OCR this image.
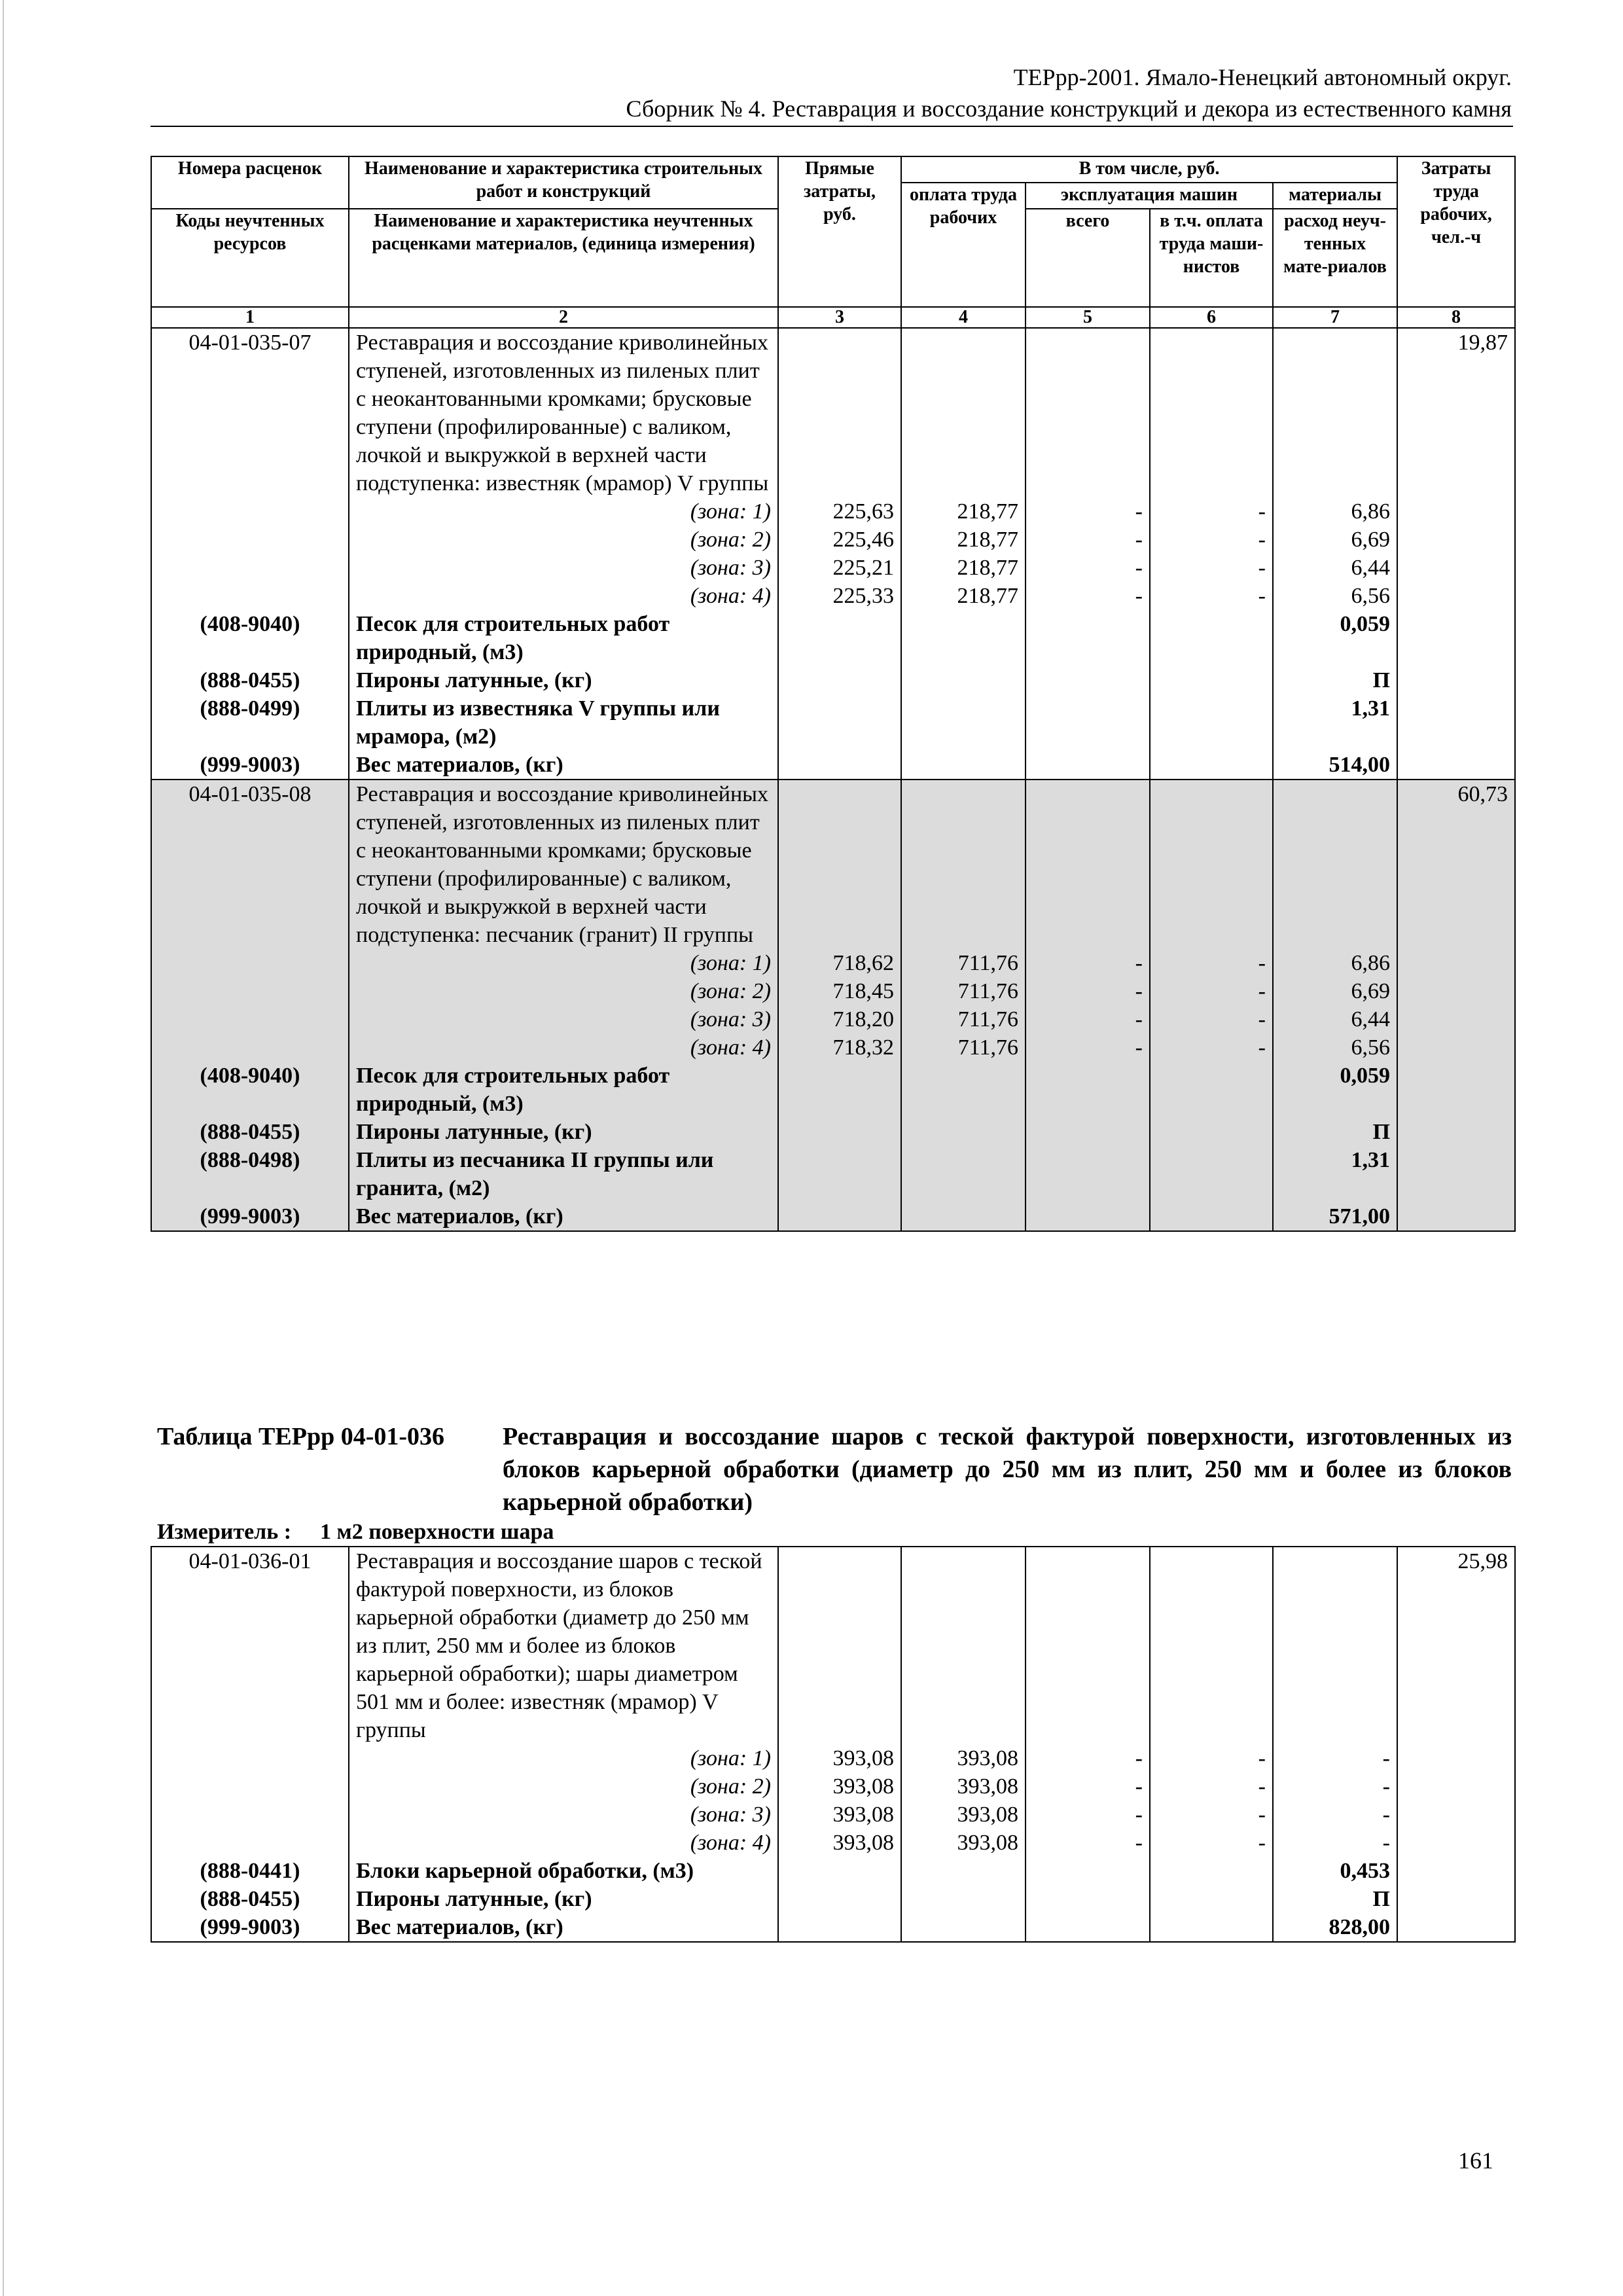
ТЕРрр-2001. Ямало-Ненецкий автономный округ.
Сборник № 4. Реставрация и воссоздание конструкций и декора из естественного камня
Номера расценок	Наименование и характеристика строительных работ и конструкций	Прямые затраты, руб.	В том числе, руб.				Затраты труда рабочих, чел.-ч
			оплата труда рабочих	эксплуатация машин		материалы	
Коды неучтенных ресурсов	Наименование и характеристика неучтенных расценками материалов, (единица измерения)			всего	в т.ч. оплата труда маши-нистов	расход неуч-тенных мате-риалов	

1	2	3	4	5	6	7	8
04-01-035-07	Реставрация и воссоздание криволинейных ступеней, изготовленных из пиленых плит с неокантованными кромками; брусковые ступени (профилированные) с валиком, лочкой и выкружкой в верхней части подступенка: известняк (мрамор) V группы						19,87
	(зона: 1)	225,63	218,77	-	-	6,86	
	(зона: 2)	225,46	218,77	-	-	6,69	
	(зона: 3)	225,21	218,77	-	-	6,44	
	(зона: 4)	225,33	218,77	-	-	6,56	
(408-9040)	Песок для строительных работ природный, (м3)					0,059	
(888-0455)	Пироны латунные, (кг)					П	
(888-0499)	Плиты из известняка V группы или мрамора, (м2)					1,31	
(999-9003)	Вес материалов, (кг)					514,00	
04-01-035-08	Реставрация и воссоздание криволинейных ступеней, изготовленных из пиленых плит с неокантованными кромками; брусковые ступени (профилированные) с валиком, лочкой и выкружкой в верхней части подступенка: песчаник (гранит) II группы						60,73
	(зона: 1)	718,62	711,76	-	-	6,86	
	(зона: 2)	718,45	711,76	-	-	6,69	
	(зона: 3)	718,20	711,76	-	-	6,44	
	(зона: 4)	718,32	711,76	-	-	6,56	
(408-9040)	Песок для строительных работ природный, (м3)					0,059	
(888-0455)	Пироны латунные, (кг)					П	
(888-0498)	Плиты из песчаника II группы или гранита, (м2)					1,31	
(999-9003)	Вес материалов, (кг)					571,00	
Таблица ТЕРрр 04-01-036 Реставрация и воссоздание шаров с теской фактурой поверхности, изготовленных из блоков карьерной обработки (диаметр до 250 мм из плит, 250 мм и более из блоков карьерной обработки)
Измеритель : 1 м2 поверхности шара
04-01-036-01	Реставрация и воссоздание шаров с теской фактурой поверхности, из блоков карьерной обработки (диаметр до 250 мм из плит, 250 мм и более из блоков карьерной обработки); шары диаметром 501 мм и более: известняк (мрамор) V группы						25,98
	(зона: 1)	393,08	393,08	-	-	-	
	(зона: 2)	393,08	393,08	-	-	-	
	(зона: 3)	393,08	393,08	-	-	-	
	(зона: 4)	393,08	393,08	-	-	-	
(888-0441)	Блоки карьерной обработки, (м3)					0,453	
(888-0455)	Пироны латунные, (кг)					П	
(999-9003)	Вес материалов, (кг)					828,00	
161
